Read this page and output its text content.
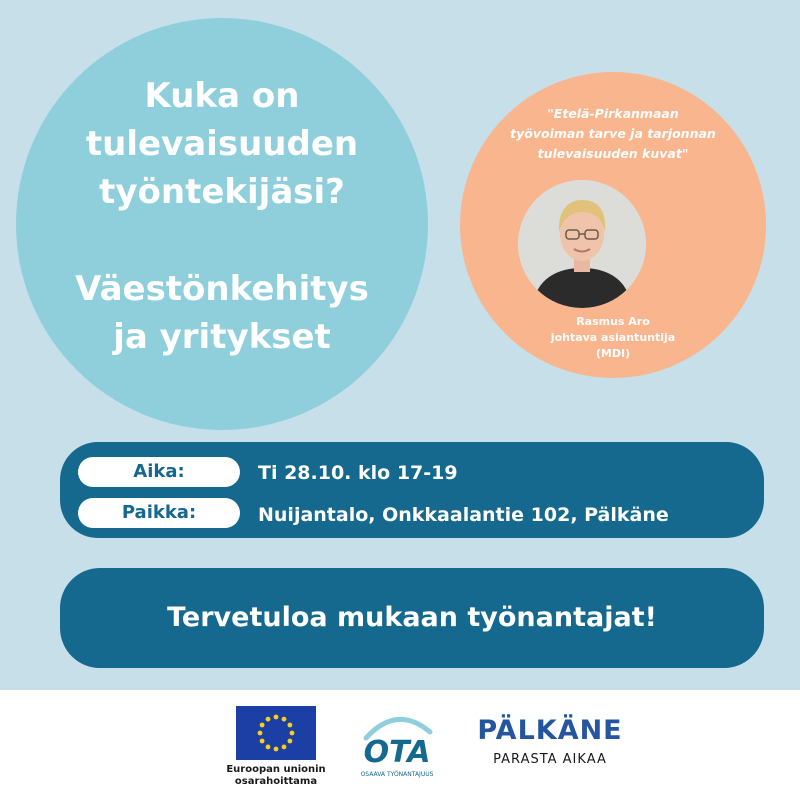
Kuka on
tulevaisuuden
työntekijäsi?
Väestönkehitys
ja yritykset

"Etelä-Pirkanmaan
työvoiman tarve ja tarjonnan
tulevaisuuden kuvat"

Rasmus Aro
johtava asiantuntija
(MDI)
Aika:	Ti 28.10. klo 17-19
Paikka:	Nuijantalo, Onkkaalantie 102, Pälkäne
Tervetuloa mukaan työnantajat!
Euroopan unionin
osarahoittama
OTA
OSAAVA TYÖNANTAJUUS
PÄLKÄNE
PARASTA AIKAA
